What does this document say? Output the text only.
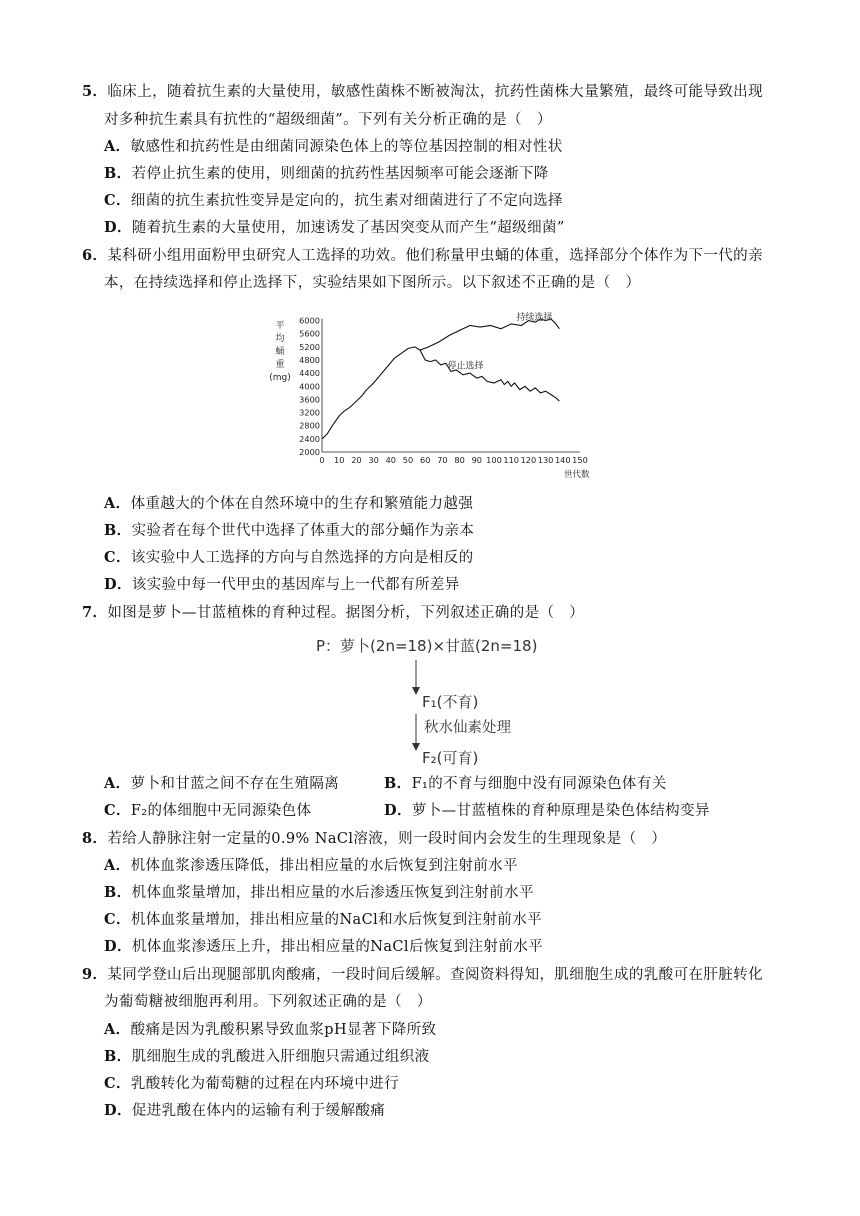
5．临床上，随着抗生素的大量使用，敏感性菌株不断被淘汰，抗药性菌株大量繁殖，最终可能导致出现
对多种抗生素具有抗性的“超级细菌”。下列有关分析正确的是（　）
A．敏感性和抗药性是由细菌同源染色体上的等位基因控制的相对性状
B．若停止抗生素的使用，则细菌的抗药性基因频率可能会逐渐下降
C．细菌的抗生素抗性变异是定向的，抗生素对细菌进行了不定向选择
D．随着抗生素的大量使用，加速诱发了基因突变从而产生“超级细菌”
6．某科研小组用面粉甲虫研究人工选择的功效。他们称量甲虫蛹的体重，选择部分个体作为下一代的亲
本，在持续选择和停止选择下，实验结果如下图所示。以下叙述不正确的是（　）
平
均
蛹
重
(mg)
2000
2400
2800
3200
3600
4000
4400
4800
5200
5600
6000
0 10 20 30 40 50 60 70 80 90 100 110 120 130 140 150
世代数
持续选择
停止选择
A．体重越大的个体在自然环境中的生存和繁殖能力越强
B．实验者在每个世代中选择了体重大的部分蛹作为亲本
C．该实验中人工选择的方向与自然选择的方向是相反的
D．该实验中每一代甲虫的基因库与上一代都有所差异
7．如图是萝卜—甘蓝植株的育种过程。据图分析，下列叙述正确的是（　）
P：萝卜(2n=18)×甘蓝(2n=18)
F₁(不育)
秋水仙素处理
F₂(可育)
A．萝卜和甘蓝之间不存在生殖隔离	B．F₁的不育与细胞中没有同源染色体有关
C．F₂的体细胞中无同源染色体	D．萝卜—甘蓝植株的育种原理是染色体结构变异
8．若给人静脉注射一定量的0.9% NaCl溶液，则一段时间内会发生的生理现象是（　）
A．机体血浆渗透压降低，排出相应量的水后恢复到注射前水平
B．机体血浆量增加，排出相应量的水后渗透压恢复到注射前水平
C．机体血浆量增加，排出相应量的NaCl和水后恢复到注射前水平
D．机体血浆渗透压上升，排出相应量的NaCl后恢复到注射前水平
9．某同学登山后出现腿部肌肉酸痛，一段时间后缓解。查阅资料得知，肌细胞生成的乳酸可在肝脏转化
为葡萄糖被细胞再利用。下列叙述正确的是（　）
A．酸痛是因为乳酸积累导致血浆pH显著下降所致
B．肌细胞生成的乳酸进入肝细胞只需通过组织液
C．乳酸转化为葡萄糖的过程在内环境中进行
D．促进乳酸在体内的运输有利于缓解酸痛
